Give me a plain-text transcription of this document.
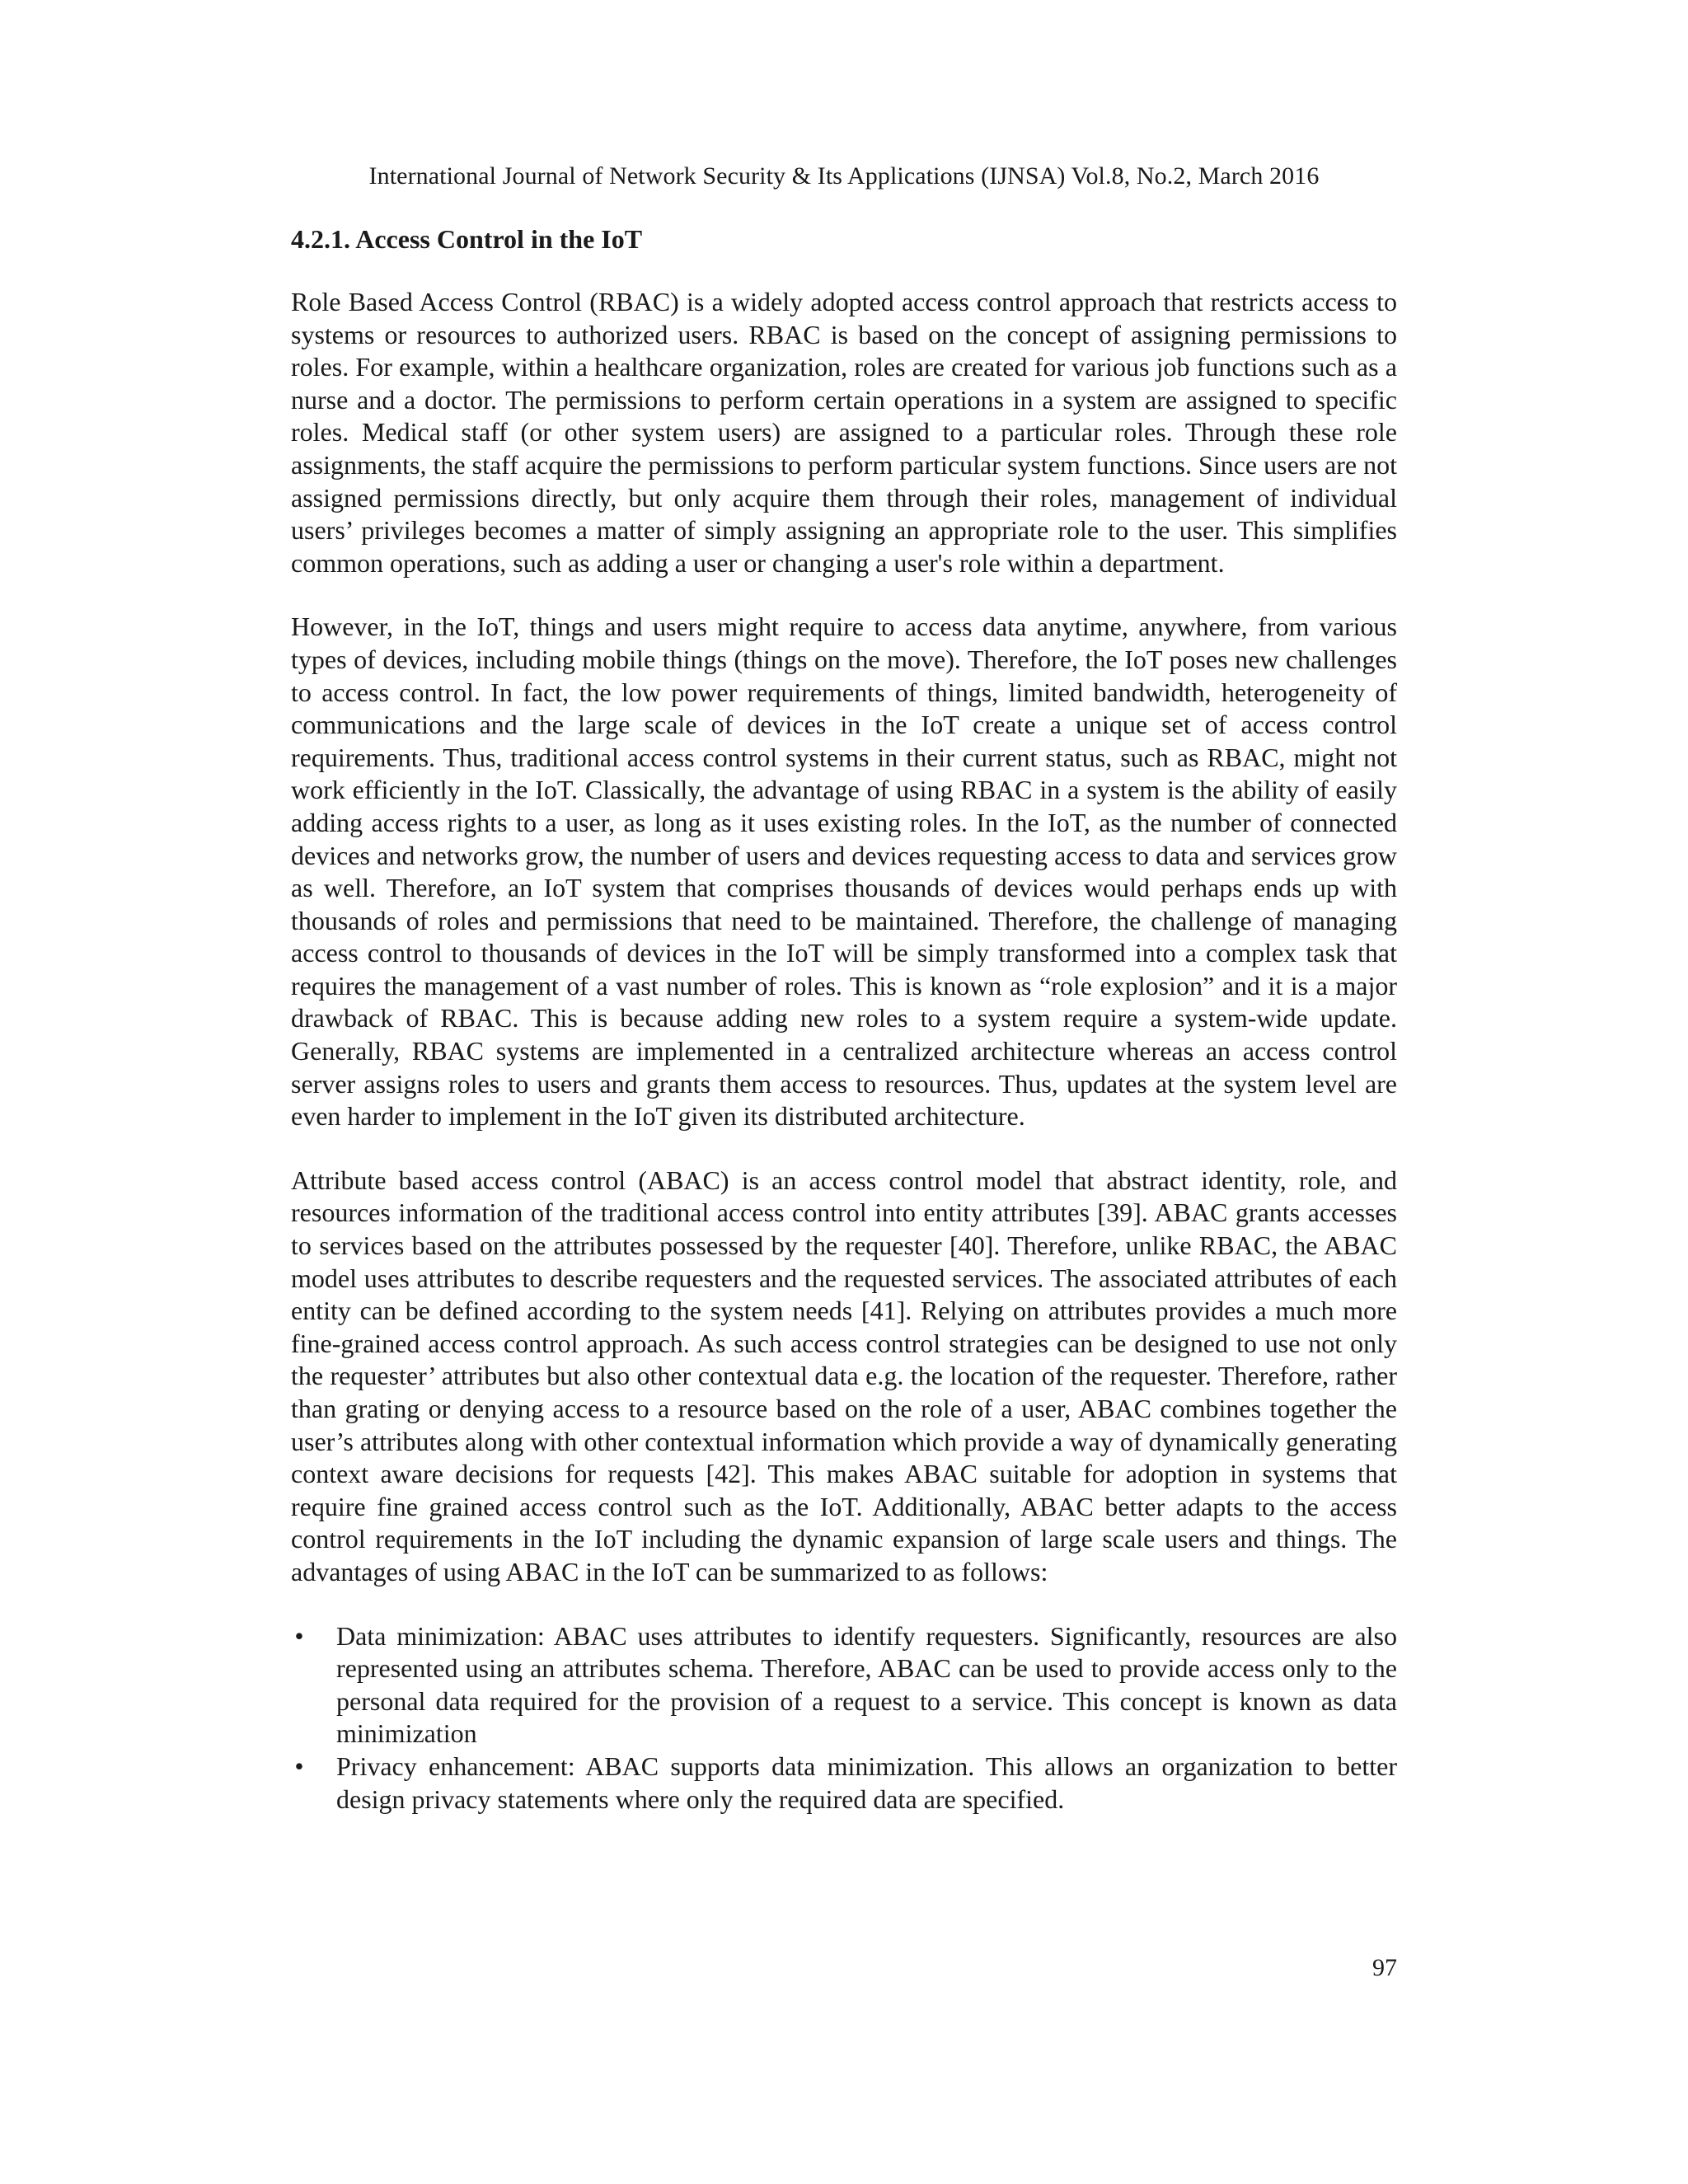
International Journal of Network Security & Its Applications (IJNSA) Vol.8, No.2, March 2016
4.2.1. Access Control in the IoT

Role Based Access Control (RBAC) is a widely adopted access control approach that restricts access to systems or resources to authorized users. RBAC is based on the concept of assigning permissions to roles. For example, within a healthcare organization, roles are created for various job functions such as a nurse and a doctor. The permissions to perform certain operations in a system are assigned to specific roles. Medical staff (or other system users) are assigned to a particular roles. Through these role assignments, the staff acquire the permissions to perform particular system functions. Since users are not assigned permissions directly, but only acquire them through their roles, management of individual users’ privileges becomes a matter of simply assigning an appropriate role to the user. This simplifies common operations, such as adding a user or changing a user's role within a department.

However, in the IoT, things and users might require to access data anytime, anywhere, from various types of devices, including mobile things (things on the move). Therefore, the IoT poses new challenges to access control. In fact, the low power requirements of things, limited bandwidth, heterogeneity of communications and the large scale of devices in the IoT create a unique set of access control requirements. Thus, traditional access control systems in their current status, such as RBAC, might not work efficiently in the IoT. Classically, the advantage of using RBAC in a system is the ability of easily adding access rights to a user, as long as it uses existing roles. In the IoT, as the number of connected devices and networks grow, the number of users and devices requesting access to data and services grow as well. Therefore, an IoT system that comprises thousands of devices would perhaps ends up with thousands of roles and permissions that need to be maintained. Therefore, the challenge of managing access control to thousands of devices in the IoT will be simply transformed into a complex task that requires the management of a vast number of roles. This is known as “role explosion” and it is a major drawback of RBAC. This is because adding new roles to a system require a system-wide update. Generally, RBAC systems are implemented in a centralized architecture whereas an access control server assigns roles to users and grants them access to resources. Thus, updates at the system level are even harder to implement in the IoT given its distributed architecture.

Attribute based access control (ABAC) is an access control model that abstract identity, role, and resources information of the traditional access control into entity attributes [39]. ABAC grants accesses to services based on the attributes possessed by the requester [40]. Therefore, unlike RBAC, the ABAC model uses attributes to describe requesters and the requested services. The associated attributes of each entity can be defined according to the system needs [41]. Relying on attributes provides a much more fine-grained access control approach. As such access control strategies can be designed to use not only the requester’ attributes but also other contextual data e.g. the location of the requester. Therefore, rather than grating or denying access to a resource based on the role of a user, ABAC combines together the user’s attributes along with other contextual information which provide a way of dynamically generating context aware decisions for requests [42]. This makes ABAC suitable for adoption in systems that require fine grained access control such as the IoT. Additionally, ABAC better adapts to the access control requirements in the IoT including the dynamic expansion of large scale users and things. The advantages of using ABAC in the IoT can be summarized to as follows:

• Data minimization: ABAC uses attributes to identify requesters. Significantly, resources are also represented using an attributes schema. Therefore, ABAC can be used to provide access only to the personal data required for the provision of a request to a service. This concept is known as data minimization
• Privacy enhancement: ABAC supports data minimization. This allows an organization to better design privacy statements where only the required data are specified.
97
